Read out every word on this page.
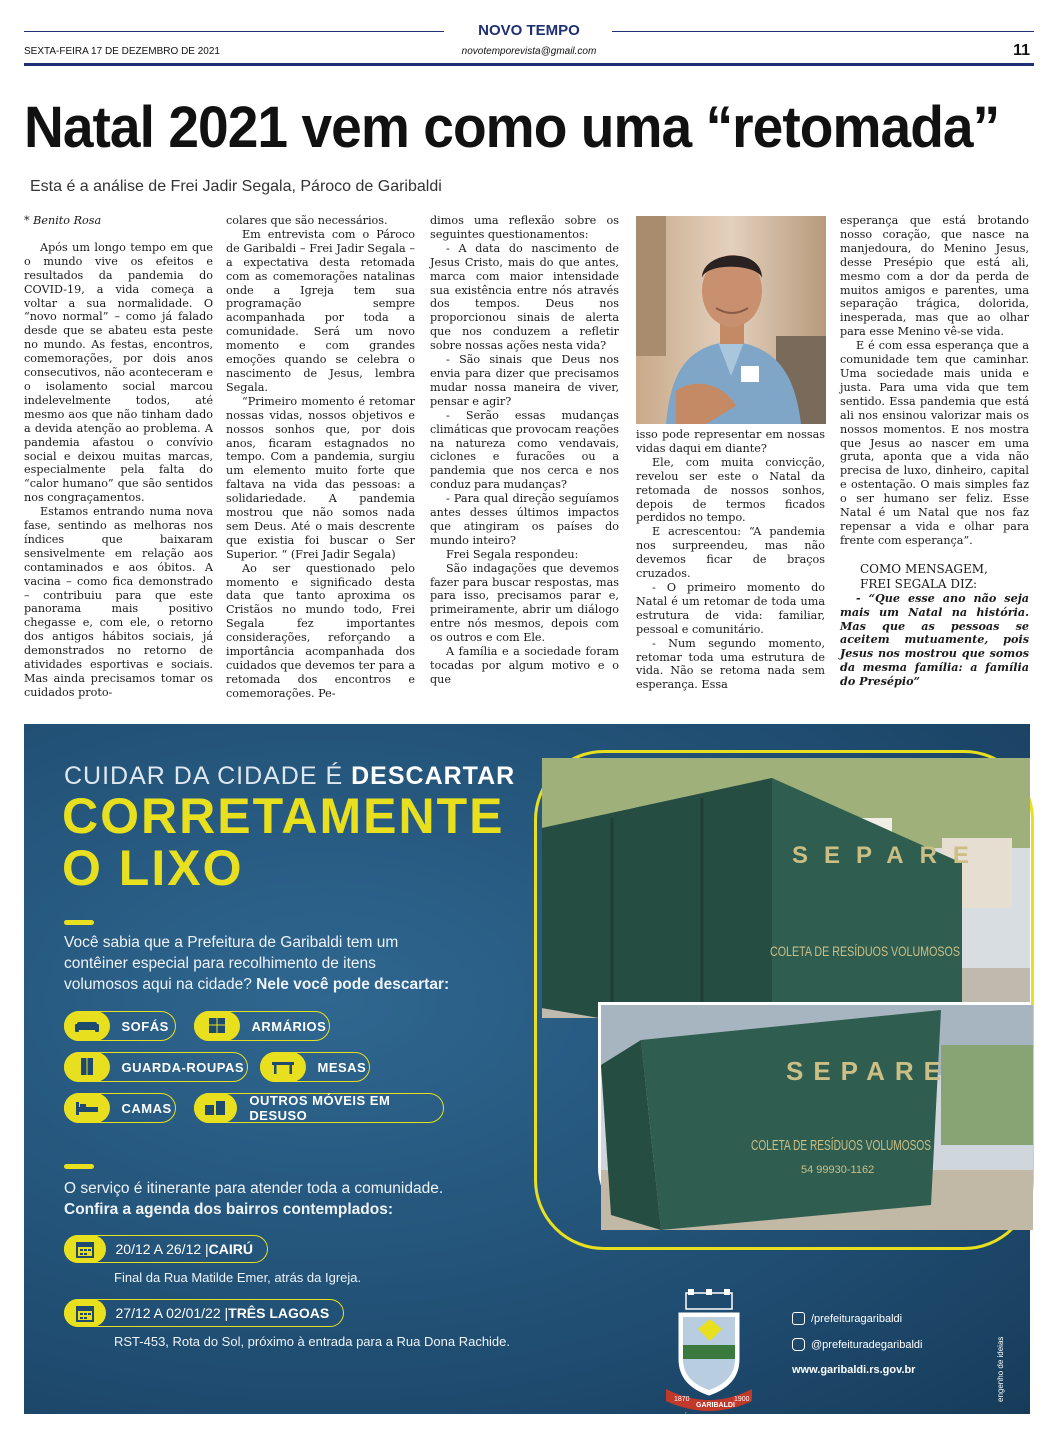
NOVO TEMPO
SEXTA-FEIRA 17 DE DEZEMBRO DE 2021	novotemporevista@gmail.com	11
Natal 2021 vem como uma “retomada”
Esta é a análise de Frei Jadir Segala, Pároco de Garibaldi

* Benito Rosa

Após um longo tempo em que o mundo vive os efeitos e resultados da pandemia do COVID-19, a vida começa a voltar a sua normalidade. O “novo normal” – como já falado desde que se abateu esta peste no mundo. As festas, encontros, comemorações, por dois anos consecutivos, não aconteceram e o isolamento social marcou indelevelmente todos, até mesmo aos que não tinham dado a devida atenção ao problema. A pandemia afastou o convívio social e deixou muitas marcas, especialmente pela falta do “calor humano” que são sentidos nos congraçamentos.

Estamos entrando numa nova fase, sentindo as melhoras nos índices que baixaram sensivelmente em relação aos contaminados e aos óbitos. A vacina – como fica demonstrado – contribuiu para que este panorama mais positivo chegasse e, com ele, o retorno dos antigos hábitos sociais, já demonstrados no retorno de atividades esportivas e sociais. Mas ainda precisamos tomar os cuidados proto-

colares que são necessários.

Em entrevista com o Pároco de Garibaldi – Frei Jadir Segala – a expectativa desta retomada com as comemorações natalinas onde a Igreja tem sua programação sempre acompanhada por toda a comunidade. Será um novo momento e com grandes emoções quando se celebra o nascimento de Jesus, lembra Segala.

“Primeiro momento é retomar nossas vidas, nossos objetivos e nossos sonhos que, por dois anos, ficaram estagnados no tempo. Com a pandemia, surgiu um elemento muito forte que faltava na vida das pessoas: a solidariedade. A pandemia mostrou que não somos nada sem Deus. Até o mais descrente que existia foi buscar o Ser Superior. “ (Frei Jadir Segala)

Ao ser questionado pelo momento e significado desta data que tanto aproxima os Cristãos no mundo todo, Frei Segala fez importantes considerações, reforçando a importância acompanhada dos cuidados que devemos ter para a retomada dos encontros e comemorações. Pe-

dimos uma reflexão sobre os seguintes questionamentos:

- A data do nascimento de Jesus Cristo, mais do que antes, marca com maior intensidade sua existência entre nós através dos tempos. Deus nos proporcionou sinais de alerta que nos conduzem a refletir sobre nossas ações nesta vida?

- São sinais que Deus nos envia para dizer que precisamos mudar nossa maneira de viver, pensar e agir?

- Serão essas mudanças climáticas que provocam reações na natureza como vendavais, ciclones e furacões ou a pandemia que nos cerca e nos conduz para mudanças?

- Para qual direção seguíamos antes desses últimos impactos que atingiram os países do mundo inteiro?

Frei Segala respondeu:

São indagações que devemos fazer para buscar respostas, mas para isso, precisamos parar e, primeiramente, abrir um diálogo entre nós mesmos, depois com os outros e com Ele.

A família e a sociedade foram tocadas por algum motivo e o que

isso pode representar em nossas vidas daqui em diante?

Ele, com muita convicção, revelou ser este o Natal da retomada de nossos sonhos, depois de termos ficados perdidos no tempo.

E acrescentou: “A pandemia nos surpreendeu, mas não devemos ficar de braços cruzados.

- O primeiro momento do Natal é um retomar de toda uma estrutura de vida: familiar, pessoal e comunitário.

- Num segundo momento, retomar toda uma estrutura de vida. Não se retoma nada sem esperança. Essa

esperança que está brotando nosso coração, que nasce na manjedoura, do Menino Jesus, desse Presépio que está ali, mesmo com a dor da perda de muitos amigos e parentes, uma separação trágica, dolorida, inesperada, mas que ao olhar para esse Menino vê-se vida.

E é com essa esperança que a comunidade tem que caminhar. Uma sociedade mais unida e justa. Para uma vida que tem sentido. Essa pandemia que está ali nos ensinou valorizar mais os nossos momentos. E nos mostra que Jesus ao nascer em uma gruta, aponta que a vida não precisa de luxo, dinheiro, capital e ostentação. O mais simples faz o ser humano ser feliz. Esse Natal é um Natal que nos faz repensar a vida e olhar para frente com esperança”.

COMO MENSAGEM,
FREI SEGALA DIZ:

- “Que esse ano não seja mais um Natal na história. Mas que as pessoas se aceitem mutuamente, pois Jesus nos mostrou que somos da mesma família: a família do Presépio”

CUIDAR DA CIDADE É DESCARTAR
CORRETAMENTE
O LIXO
Você sabia que a Prefeitura de Garibaldi tem um
contêiner especial para recolhimento de itens
volumosos aqui na cidade? Nele você pode descartar:
SOFÁS	ARMÁRIOS
GUARDA-ROUPAS	MESAS
CAMAS	OUTROS MÓVEIS EM DESUSO
O serviço é itinerante para atender toda a comunidade.
Confira a agenda dos bairros contemplados:
20/12 A 26/12 | CAIRÚ
Final da Rua Matilde Emer, atrás da Igreja.
27/12 A 02/01/22 | TRÊS LAGOAS
RST-453, Rota do Sol, próximo à entrada para a Rua Dona Rachide.
SEPARE
COLETA DE RESÍDUOS VOLUMOSOS
SEPARE
COLETA DE RESÍDUOS VOLUMOSOS
54 99930-1162
1870
GARIBALDI
1900
MUNICÍPIO DE GARIBALDI
/prefeituragaribaldi
@prefeituradegaribaldi
www.garibaldi.rs.gov.br	engenho de ideias
